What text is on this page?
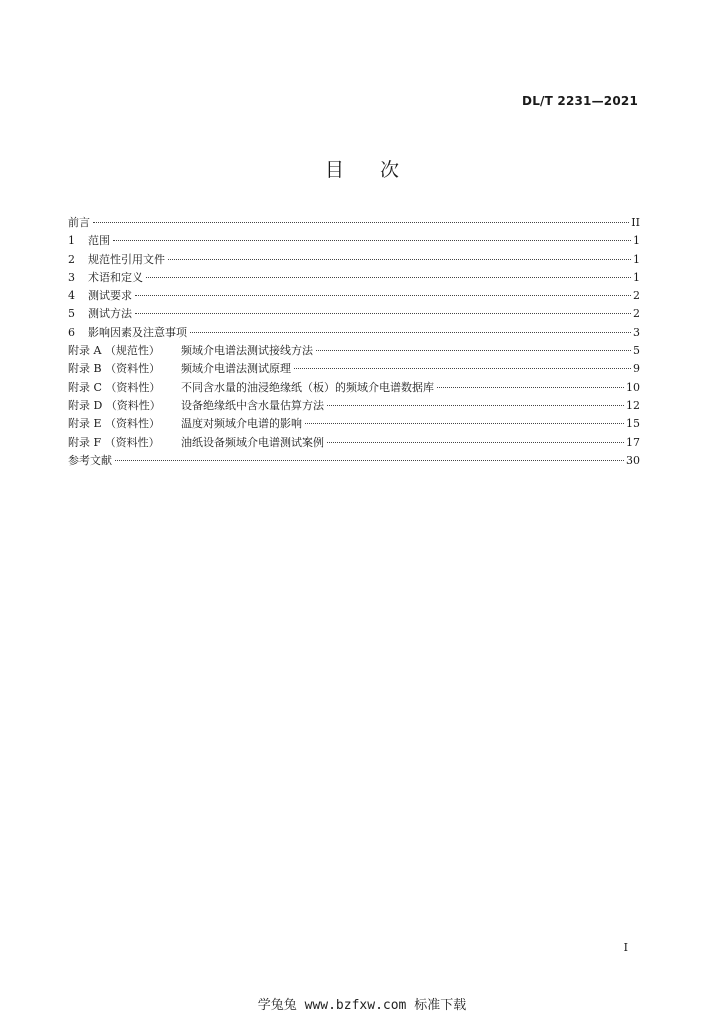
DL/T 2231—2021
目次
前言	II
1 范围	1
2 规范性引用文件	1
3 术语和定义	1
4 测试要求	2
5 测试方法	2
6 影响因素及注意事项	3
附录 A （规范性） 频域介电谱法测试接线方法	5
附录 B （资料性） 频域介电谱法测试原理	9
附录 C （资料性） 不同含水量的油浸绝缘纸（板）的频域介电谱数据库	10
附录 D （资料性） 设备绝缘纸中含水量估算方法	12
附录 E （资料性） 温度对频域介电谱的影响	15
附录 F （资料性） 油纸设备频域介电谱测试案例	17
参考文献	30
I
学兔兔 www.bzfxw.com 标准下载
